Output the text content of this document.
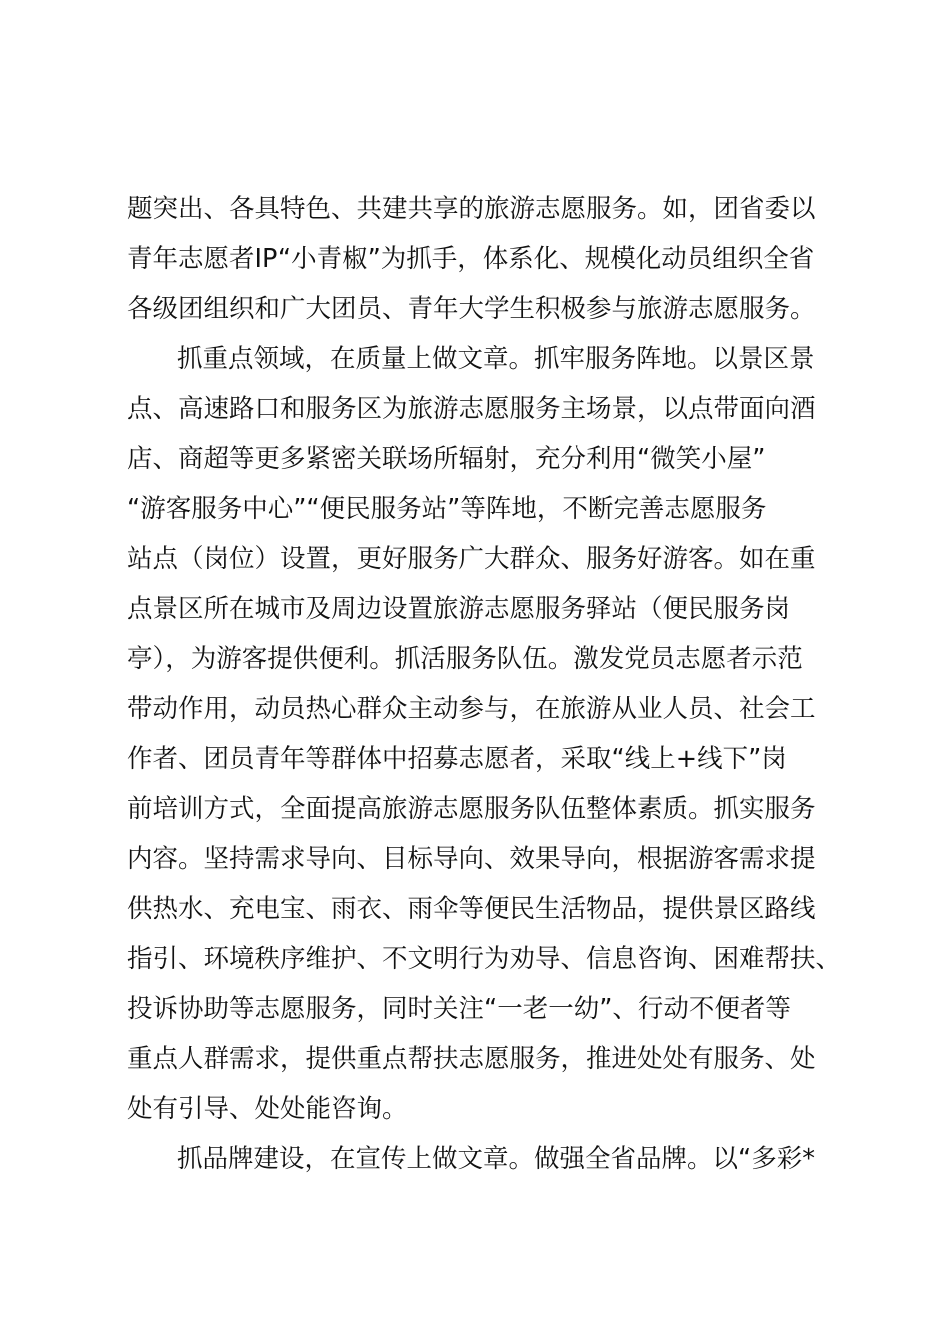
题突出、各具特色、共建共享的旅游志愿服务。如，团省委以
青年志愿者IP“小青椒”为抓手，体系化、规模化动员组织全省
各级团组织和广大团员、青年大学生积极参与旅游志愿服务。
抓重点领域，在质量上做文章。抓牢服务阵地。以景区景
点、高速路口和服务区为旅游志愿服务主场景，以点带面向酒
店、商超等更多紧密关联场所辐射，充分利用“微笑小屋”
“游客服务中心”“便民服务站”等阵地，不断完善志愿服务
站点（岗位）设置，更好服务广大群众、服务好游客。如在重
点景区所在城市及周边设置旅游志愿服务驿站（便民服务岗
亭），为游客提供便利。抓活服务队伍。激发党员志愿者示范
带动作用，动员热心群众主动参与，在旅游从业人员、社会工
作者、团员青年等群体中招募志愿者，采取“线上+线下”岗
前培训方式，全面提高旅游志愿服务队伍整体素质。抓实服务
内容。坚持需求导向、目标导向、效果导向，根据游客需求提
供热水、充电宝、雨衣、雨伞等便民生活物品，提供景区路线
指引、环境秩序维护、不文明行为劝导、信息咨询、困难帮扶、
投诉协助等志愿服务，同时关注“一老一幼”、行动不便者等
重点人群需求，提供重点帮扶志愿服务，推进处处有服务、处
处有引导、处处能咨询。
抓品牌建设，在宣传上做文章。做强全省品牌。以“多彩*
